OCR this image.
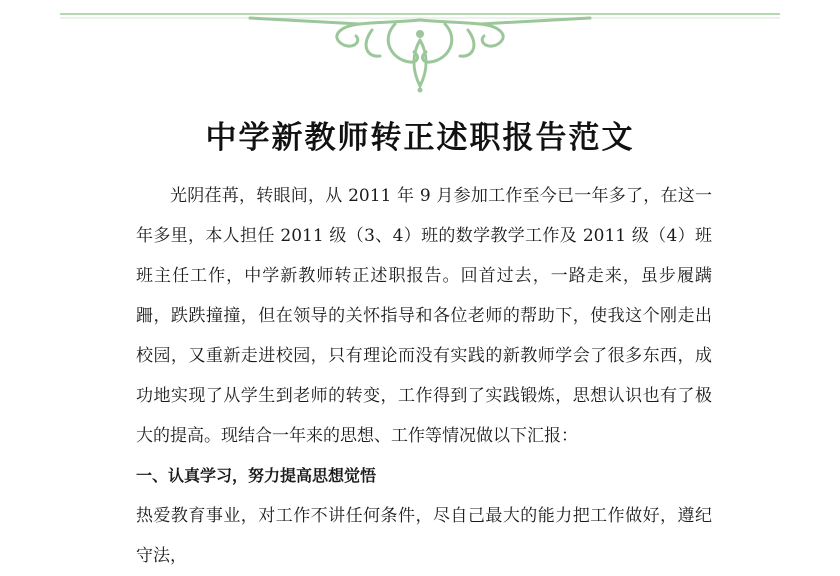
中学新教师转正述职报告范文

光阴荏苒，转眼间，从 2011 年 9 月参加工作至今已一年多了，在这一年多里，本人担任 2011 级（3、4）班的数学教学工作及 2011 级（4）班班主任工作，中学新教师转正述职报告。回首过去，一路走来，虽步履蹒跚，跌跌撞撞，但在领导的关怀指导和各位老师的帮助下，使我这个刚走出校园，又重新走进校园，只有理论而没有实践的新教师学会了很多东西，成功地实现了从学生到老师的转变，工作得到了实践锻炼，思想认识也有了极大的提高。现结合一年来的思想、工作等情况做以下汇报：

一、认真学习，努力提高思想觉悟

热爱教育事业，对工作不讲任何条件，尽自己最大的能力把工作做好，遵纪守法，
